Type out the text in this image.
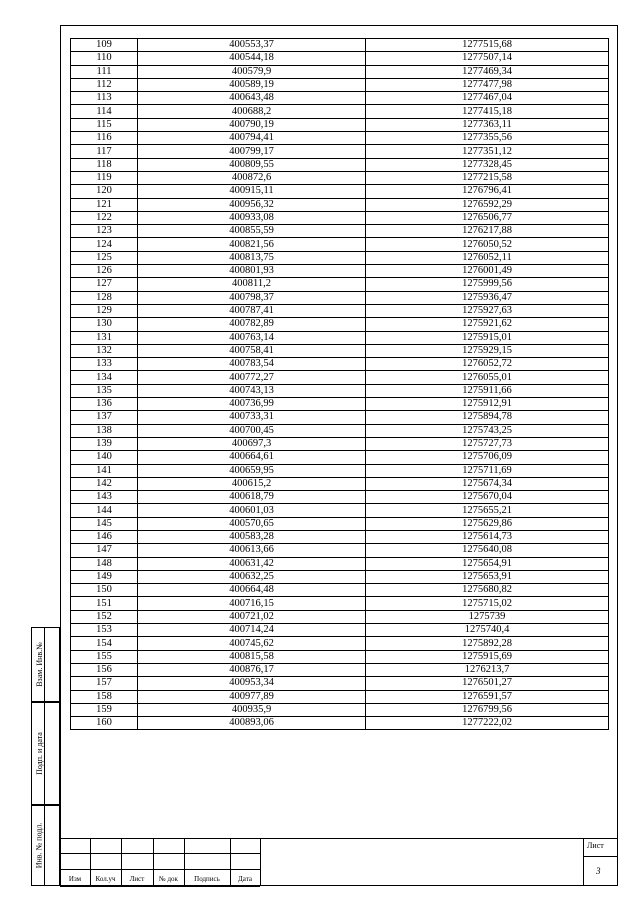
109	400553,37	1277515,68
110	400544,18	1277507,14
111	400579,9	1277469,34
112	400589,19	1277477,98
113	400643,48	1277467,04
114	400688,2	1277415,18
115	400790,19	1277363,11
116	400794,41	1277355,56
117	400799,17	1277351,12
118	400809,55	1277328,45
119	400872,6	1277215,58
120	400915,11	1276796,41
121	400956,32	1276592,29
122	400933,08	1276506,77
123	400855,59	1276217,88
124	400821,56	1276050,52
125	400813,75	1276052,11
126	400801,93	1276001,49
127	400811,2	1275999,56
128	400798,37	1275936,47
129	400787,41	1275927,63
130	400782,89	1275921,62
131	400763,14	1275915,01
132	400758,41	1275929,15
133	400783,54	1276052,72
134	400772,27	1276055,01
135	400743,13	1275911,66
136	400736,99	1275912,91
137	400733,31	1275894,78
138	400700,45	1275743,25
139	400697,3	1275727,73
140	400664,61	1275706,09
141	400659,95	1275711,69
142	400615,2	1275674,34
143	400618,79	1275670,04
144	400601,03	1275655,21
145	400570,65	1275629,86
146	400583,28	1275614,73
147	400613,66	1275640,08
148	400631,42	1275654,91
149	400632,25	1275653,91
150	400664,48	1275680,82
151	400716,15	1275715,02
152	400721,02	1275739
153	400714,24	1275740,4
154	400745,62	1275892,28
155	400815,58	1275915,69
156	400876,17	1276213,7
157	400953,34	1276501,27
158	400977,89	1276591,57
159	400935,9	1276799,56
160	400893,06	1277222,02
Взам. Инв.№
Подп. и дата
Инв. № подл.
Изм	Кол.уч	Лист	№ док	Подпись	Дата
Лист
3
